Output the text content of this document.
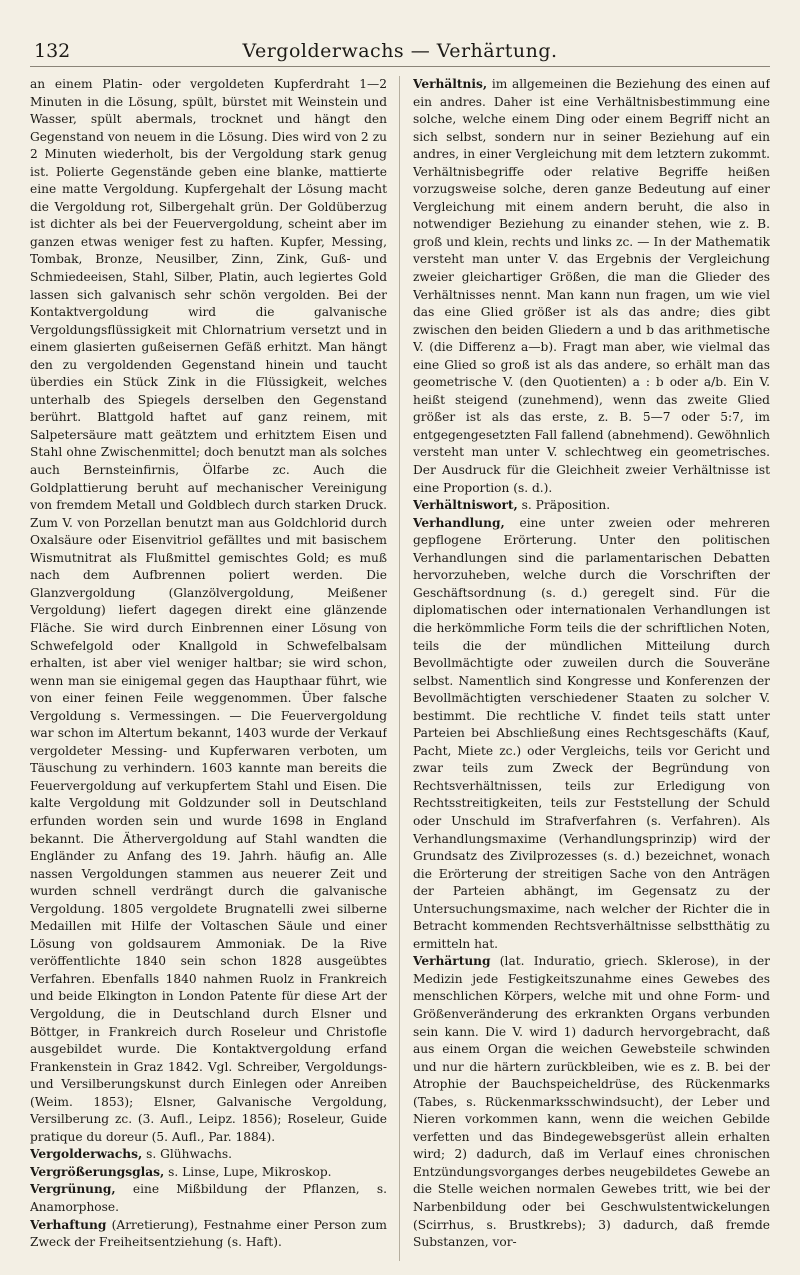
132	Vergolderwachs — Verhärtung.

an einem Platin- oder vergoldeten Kupferdraht 1—2 Minuten in die Lösung, spült, bürstet mit Weinstein und Wasser, spült abermals, trocknet und hängt den Gegenstand von neuem in die Lösung. Dies wird von 2 zu 2 Minuten wiederholt, bis der Vergoldung stark genug ist. Polierte Gegenstände geben eine blanke, mattierte eine matte Vergoldung. Kupfergehalt der Lösung macht die Vergoldung rot, Silbergehalt grün. Der Goldüberzug ist dichter als bei der Feuervergoldung, scheint aber im ganzen etwas weniger fest zu haften. Kupfer, Messing, Tombak, Bronze, Neusilber, Zinn, Zink, Guß- und Schmiedeeisen, Stahl, Silber, Platin, auch legiertes Gold lassen sich galvanisch sehr schön vergolden. Bei der Kontaktvergoldung wird die galvanische Vergoldungsflüssigkeit mit Chlornatrium versetzt und in einem glasierten gußeisernen Gefäß erhitzt. Man hängt den zu vergoldenden Gegenstand hinein und taucht überdies ein Stück Zink in die Flüssigkeit, welches unterhalb des Spiegels derselben den Gegenstand berührt. Blattgold haftet auf ganz reinem, mit Salpetersäure matt geätztem und erhitztem Eisen und Stahl ohne Zwischenmittel; doch benutzt man als solches auch Bernsteinfirnis, Ölfarbe zc. Auch die Goldplattierung beruht auf mechanischer Vereinigung von fremdem Metall und Goldblech durch starken Druck. Zum V. von Porzellan benutzt man aus Goldchlorid durch Oxalsäure oder Eisenvitriol gefälltes und mit basischem Wismutnitrat als Flußmittel gemischtes Gold; es muß nach dem Aufbrennen poliert werden. Die Glanzvergoldung (Glanzölvergoldung, Meißener Vergoldung) liefert dagegen direkt eine glänzende Fläche. Sie wird durch Einbrennen einer Lösung von Schwefelgold oder Knallgold in Schwefelbalsam erhalten, ist aber viel weniger haltbar; sie wird schon, wenn man sie einigemal gegen das Haupthaar führt, wie von einer feinen Feile weggenommen. Über falsche Vergoldung s. Vermessingen. — Die Feuervergoldung war schon im Altertum bekannt, 1403 wurde der Verkauf vergoldeter Messing- und Kupferwaren verboten, um Täuschung zu verhindern. 1603 kannte man bereits die Feuervergoldung auf verkupfertem Stahl und Eisen. Die kalte Vergoldung mit Goldzunder soll in Deutschland erfunden worden sein und wurde 1698 in England bekannt. Die Äthervergoldung auf Stahl wandten die Engländer zu Anfang des 19. Jahrh. häufig an. Alle nassen Vergoldungen stammen aus neuerer Zeit und wurden schnell verdrängt durch die galvanische Vergoldung. 1805 vergoldete Brugnatelli zwei silberne Medaillen mit Hilfe der Voltaschen Säule und einer Lösung von goldsaurem Ammoniak. De la Rive veröffentlichte 1840 sein schon 1828 ausgeübtes Verfahren. Ebenfalls 1840 nahmen Ruolz in Frankreich und beide Elkington in London Patente für diese Art der Vergoldung, die in Deutschland durch Elsner und Böttger, in Frankreich durch Roseleur und Christofle ausgebildet wurde. Die Kontaktvergoldung erfand Frankenstein in Graz 1842. Vgl. Schreiber, Vergoldungs- und Versilberungskunst durch Einlegen oder Anreiben (Weim. 1853); Elsner, Galvanische Vergoldung, Versilberung zc. (3. Aufl., Leipz. 1856); Roseleur, Guide pratique du doreur (5. Aufl., Par. 1884).

Vergolderwachs, s. Glühwachs.

Vergrößerungsglas, s. Linse, Lupe, Mikroskop.

Vergrünung, eine Mißbildung der Pflanzen, s. Anamorphose.

Verhaftung (Arretierung), Festnahme einer Person zum Zweck der Freiheitsentziehung (s. Haft).

Verhältnis, im allgemeinen die Beziehung des einen auf ein andres. Daher ist eine Verhältnisbestimmung eine solche, welche einem Ding oder einem Begriff nicht an sich selbst, sondern nur in seiner Beziehung auf ein andres, in einer Vergleichung mit dem letztern zukommt. Verhältnisbegriffe oder relative Begriffe heißen vorzugsweise solche, deren ganze Bedeutung auf einer Vergleichung mit einem andern beruht, die also in notwendiger Beziehung zu einander stehen, wie z. B. groß und klein, rechts und links zc. — In der Mathematik versteht man unter V. das Ergebnis der Vergleichung zweier gleichartiger Größen, die man die Glieder des Verhältnisses nennt. Man kann nun fragen, um wie viel das eine Glied größer ist als das andre; dies gibt zwischen den beiden Gliedern a und b das arithmetische V. (die Differenz a—b). Fragt man aber, wie vielmal das eine Glied so groß ist als das andere, so erhält man das geometrische V. (den Quotienten) a : b oder a/b. Ein V. heißt steigend (zunehmend), wenn das zweite Glied größer ist als das erste, z. B. 5—7 oder 5:7, im entgegengesetzten Fall fallend (abnehmend). Gewöhnlich versteht man unter V. schlechtweg ein geometrisches. Der Ausdruck für die Gleichheit zweier Verhältnisse ist eine Proportion (s. d.).

Verhältniswort, s. Präposition.

Verhandlung, eine unter zweien oder mehreren gepflogene Erörterung. Unter den politischen Verhandlungen sind die parlamentarischen Debatten hervorzuheben, welche durch die Vorschriften der Geschäftsordnung (s. d.) geregelt sind. Für die diplomatischen oder internationalen Verhandlungen ist die herkömmliche Form teils die der schriftlichen Noten, teils die der mündlichen Mitteilung durch Bevollmächtigte oder zuweilen durch die Souveräne selbst. Namentlich sind Kongresse und Konferenzen der Bevollmächtigten verschiedener Staaten zu solcher V. bestimmt. Die rechtliche V. findet teils statt unter Parteien bei Abschließung eines Rechtsgeschäfts (Kauf, Pacht, Miete zc.) oder Vergleichs, teils vor Gericht und zwar teils zum Zweck der Begründung von Rechtsverhältnissen, teils zur Erledigung von Rechtsstreitigkeiten, teils zur Feststellung der Schuld oder Unschuld im Strafverfahren (s. Verfahren). Als Verhandlungsmaxime (Verhandlungsprinzip) wird der Grundsatz des Zivilprozesses (s. d.) bezeichnet, wonach die Erörterung der streitigen Sache von den Anträgen der Parteien abhängt, im Gegensatz zu der Untersuchungsmaxime, nach welcher der Richter die in Betracht kommenden Rechtsverhältnisse selbstthätig zu ermitteln hat.

Verhärtung (lat. Induratio, griech. Sklerose), in der Medizin jede Festigkeitszunahme eines Gewebes des menschlichen Körpers, welche mit und ohne Form- und Größenveränderung des erkrankten Organs verbunden sein kann. Die V. wird 1) dadurch hervorgebracht, daß aus einem Organ die weichen Gewebsteile schwinden und nur die härtern zurückbleiben, wie es z. B. bei der Atrophie der Bauchspeicheldrüse, des Rückenmarks (Tabes, s. Rückenmarksschwindsucht), der Leber und Nieren vorkommen kann, wenn die weichen Gebilde verfetten und das Bindegewebsgerüst allein erhalten wird; 2) dadurch, daß im Verlauf eines chronischen Entzündungsvorganges derbes neugebildetes Gewebe an die Stelle weichen normalen Gewebes tritt, wie bei der Narbenbildung oder bei Geschwulstentwickelungen (Scirrhus, s. Brustkrebs); 3) dadurch, daß fremde Substanzen, vor-
